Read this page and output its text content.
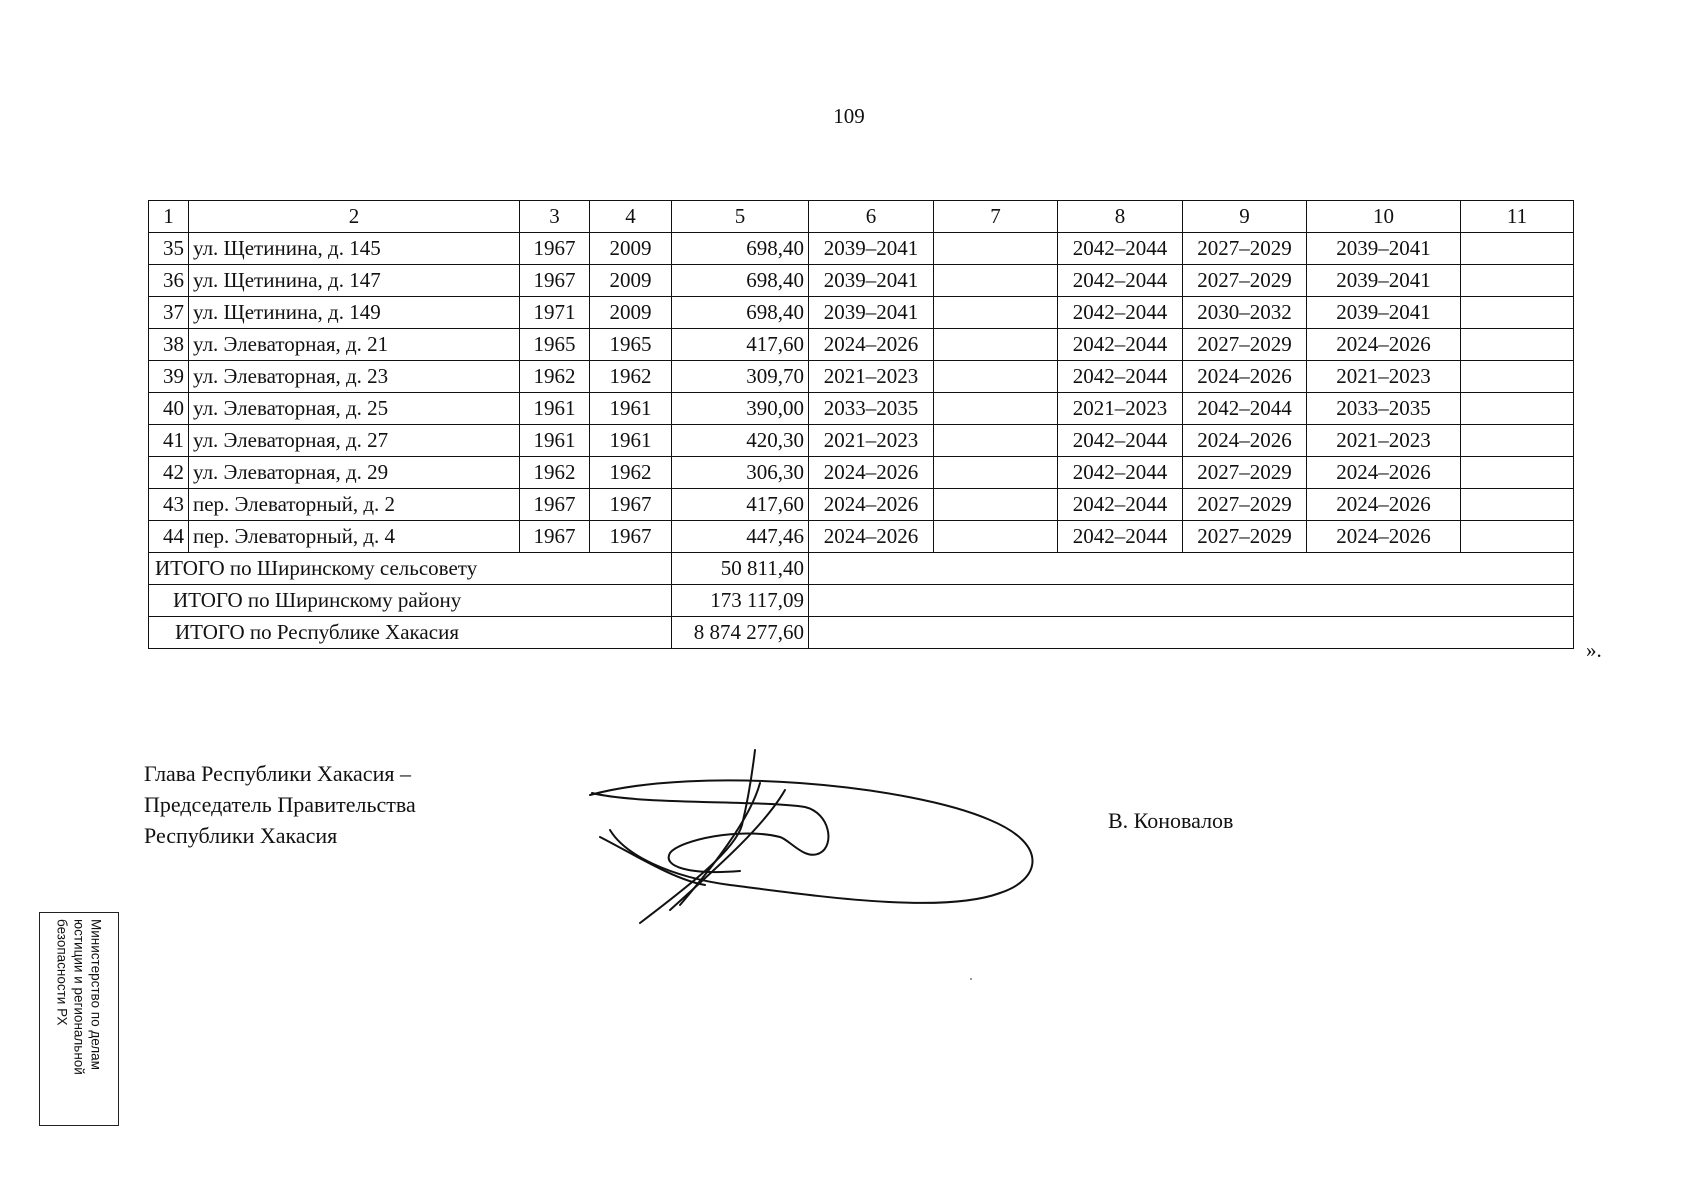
109
1	2	3	4	5	6	7	8	9	10	11
35	ул. Щетинина, д. 145	1967	2009	698,40	2039–2041		2042–2044	2027–2029	2039–2041	
36	ул. Щетинина, д. 147	1967	2009	698,40	2039–2041		2042–2044	2027–2029	2039–2041	
37	ул. Щетинина, д. 149	1971	2009	698,40	2039–2041		2042–2044	2030–2032	2039–2041	
38	ул. Элеваторная, д. 21	1965	1965	417,60	2024–2026		2042–2044	2027–2029	2024–2026	
39	ул. Элеваторная, д. 23	1962	1962	309,70	2021–2023		2042–2044	2024–2026	2021–2023	
40	ул. Элеваторная, д. 25	1961	1961	390,00	2033–2035		2021–2023	2042–2044	2033–2035	
41	ул. Элеваторная, д. 27	1961	1961	420,30	2021–2023		2042–2044	2024–2026	2021–2023	
42	ул. Элеваторная, д. 29	1962	1962	306,30	2024–2026		2042–2044	2027–2029	2024–2026	
43	пер. Элеваторный, д. 2	1967	1967	417,60	2024–2026		2042–2044	2027–2029	2024–2026	
44	пер. Элеваторный, д. 4	1967	1967	447,46	2024–2026		2042–2044	2027–2029	2024–2026	
ИТОГО по Ширинскому сельсовету				50 811,40						
ИТОГО по Ширинскому району				173 117,09						
ИТОГО по Республике Хакасия				8 874 277,60						
».
Глава Республики Хакасия –
Председатель Правительства
Республики Хакасия
В. Коновалов
Министерство по делам
юстиции и региональной
безопасности РХ
